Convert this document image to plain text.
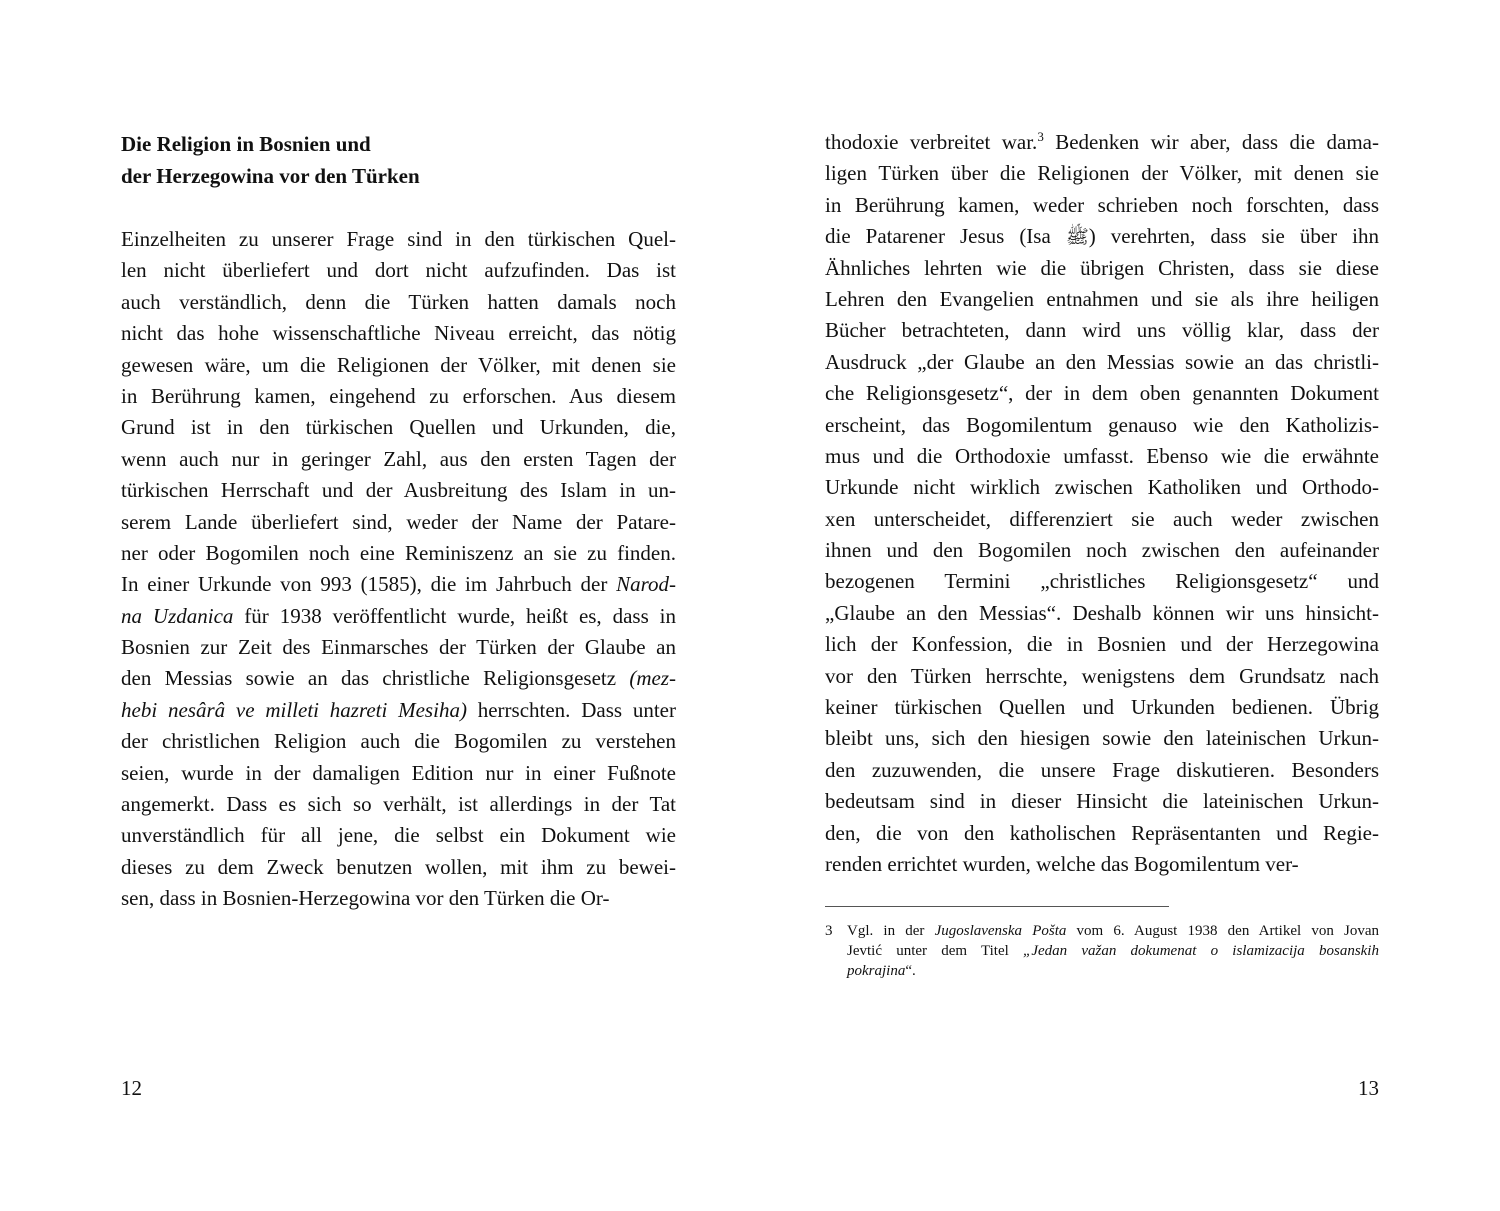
Die Religion in Bosnien und
der Herzegowina vor den Türken
Einzelheiten zu unserer Frage sind in den türkischen Quel-
len nicht überliefert und dort nicht aufzufinden. Das ist
auch verständlich, denn die Türken hatten damals noch
nicht das hohe wissenschaftliche Niveau erreicht, das nötig
gewesen wäre, um die Religionen der Völker, mit denen sie
in Berührung kamen, eingehend zu erforschen. Aus diesem
Grund ist in den türkischen Quellen und Urkunden, die,
wenn auch nur in geringer Zahl, aus den ersten Tagen der
türkischen Herrschaft und der Ausbreitung des Islam in un-
serem Lande überliefert sind, weder der Name der Patare-
ner oder Bogomilen noch eine Reminiszenz an sie zu finden.
In einer Urkunde von 993 (1585), die im Jahrbuch der Narod-
na Uzdanica für 1938 veröffentlicht wurde, heißt es, dass in
Bosnien zur Zeit des Einmarsches der Türken der Glaube an
den Messias sowie an das christliche Religionsgesetz (mez-
hebi nesârâ ve milleti hazreti Mesiha) herrschten. Dass unter
der christlichen Religion auch die Bogomilen zu verstehen
seien, wurde in der damaligen Edition nur in einer Fußnote
angemerkt. Dass es sich so verhält, ist allerdings in der Tat
unverständlich für all jene, die selbst ein Dokument wie
dieses zu dem Zweck benutzen wollen, mit ihm zu bewei-
sen, dass in Bosnien-Herzegowina vor den Türken die Or-
12
thodoxie verbreitet war.$^3$ Bedenken wir aber, dass die dama-
ligen Türken über die Religionen der Völker, mit denen sie
in Berührung kamen, weder schrieben noch forschten, dass
die Patarener Jesus (Isa ﷺ) verehrten, dass sie über ihn
Ähnliches lehrten wie die übrigen Christen, dass sie diese
Lehren den Evangelien entnahmen und sie als ihre heiligen
Bücher betrachteten, dann wird uns völlig klar, dass der
Ausdruck „der Glaube an den Messias sowie an das christli-
che Religionsgesetz“, der in dem oben genannten Dokument
erscheint, das Bogomilentum genauso wie den Katholizis-
mus und die Orthodoxie umfasst. Ebenso wie die erwähnte
Urkunde nicht wirklich zwischen Katholiken und Orthodo-
xen unterscheidet, differenziert sie auch weder zwischen
ihnen und den Bogomilen noch zwischen den aufeinander
bezogenen Termini „christliches Religionsgesetz“ und
„Glaube an den Messias“. Deshalb können wir uns hinsicht-
lich der Konfession, die in Bosnien und der Herzegowina
vor den Türken herrschte, wenigstens dem Grundsatz nach
keiner türkischen Quellen und Urkunden bedienen. Übrig
bleibt uns, sich den hiesigen sowie den lateinischen Urkun-
den zuzuwenden, die unsere Frage diskutieren. Besonders
bedeutsam sind in dieser Hinsicht die lateinischen Urkun-
den, die von den katholischen Repräsentanten und Regie-
renden errichtet wurden, welche das Bogomilentum ver-
3 Vgl. in der Jugoslavenska Pošta vom 6. August 1938 den Artikel von Jovan
Jevtić unter dem Titel „Jedan važan dokumenat o islamizacija bosanskih
pokrajina“.
13
